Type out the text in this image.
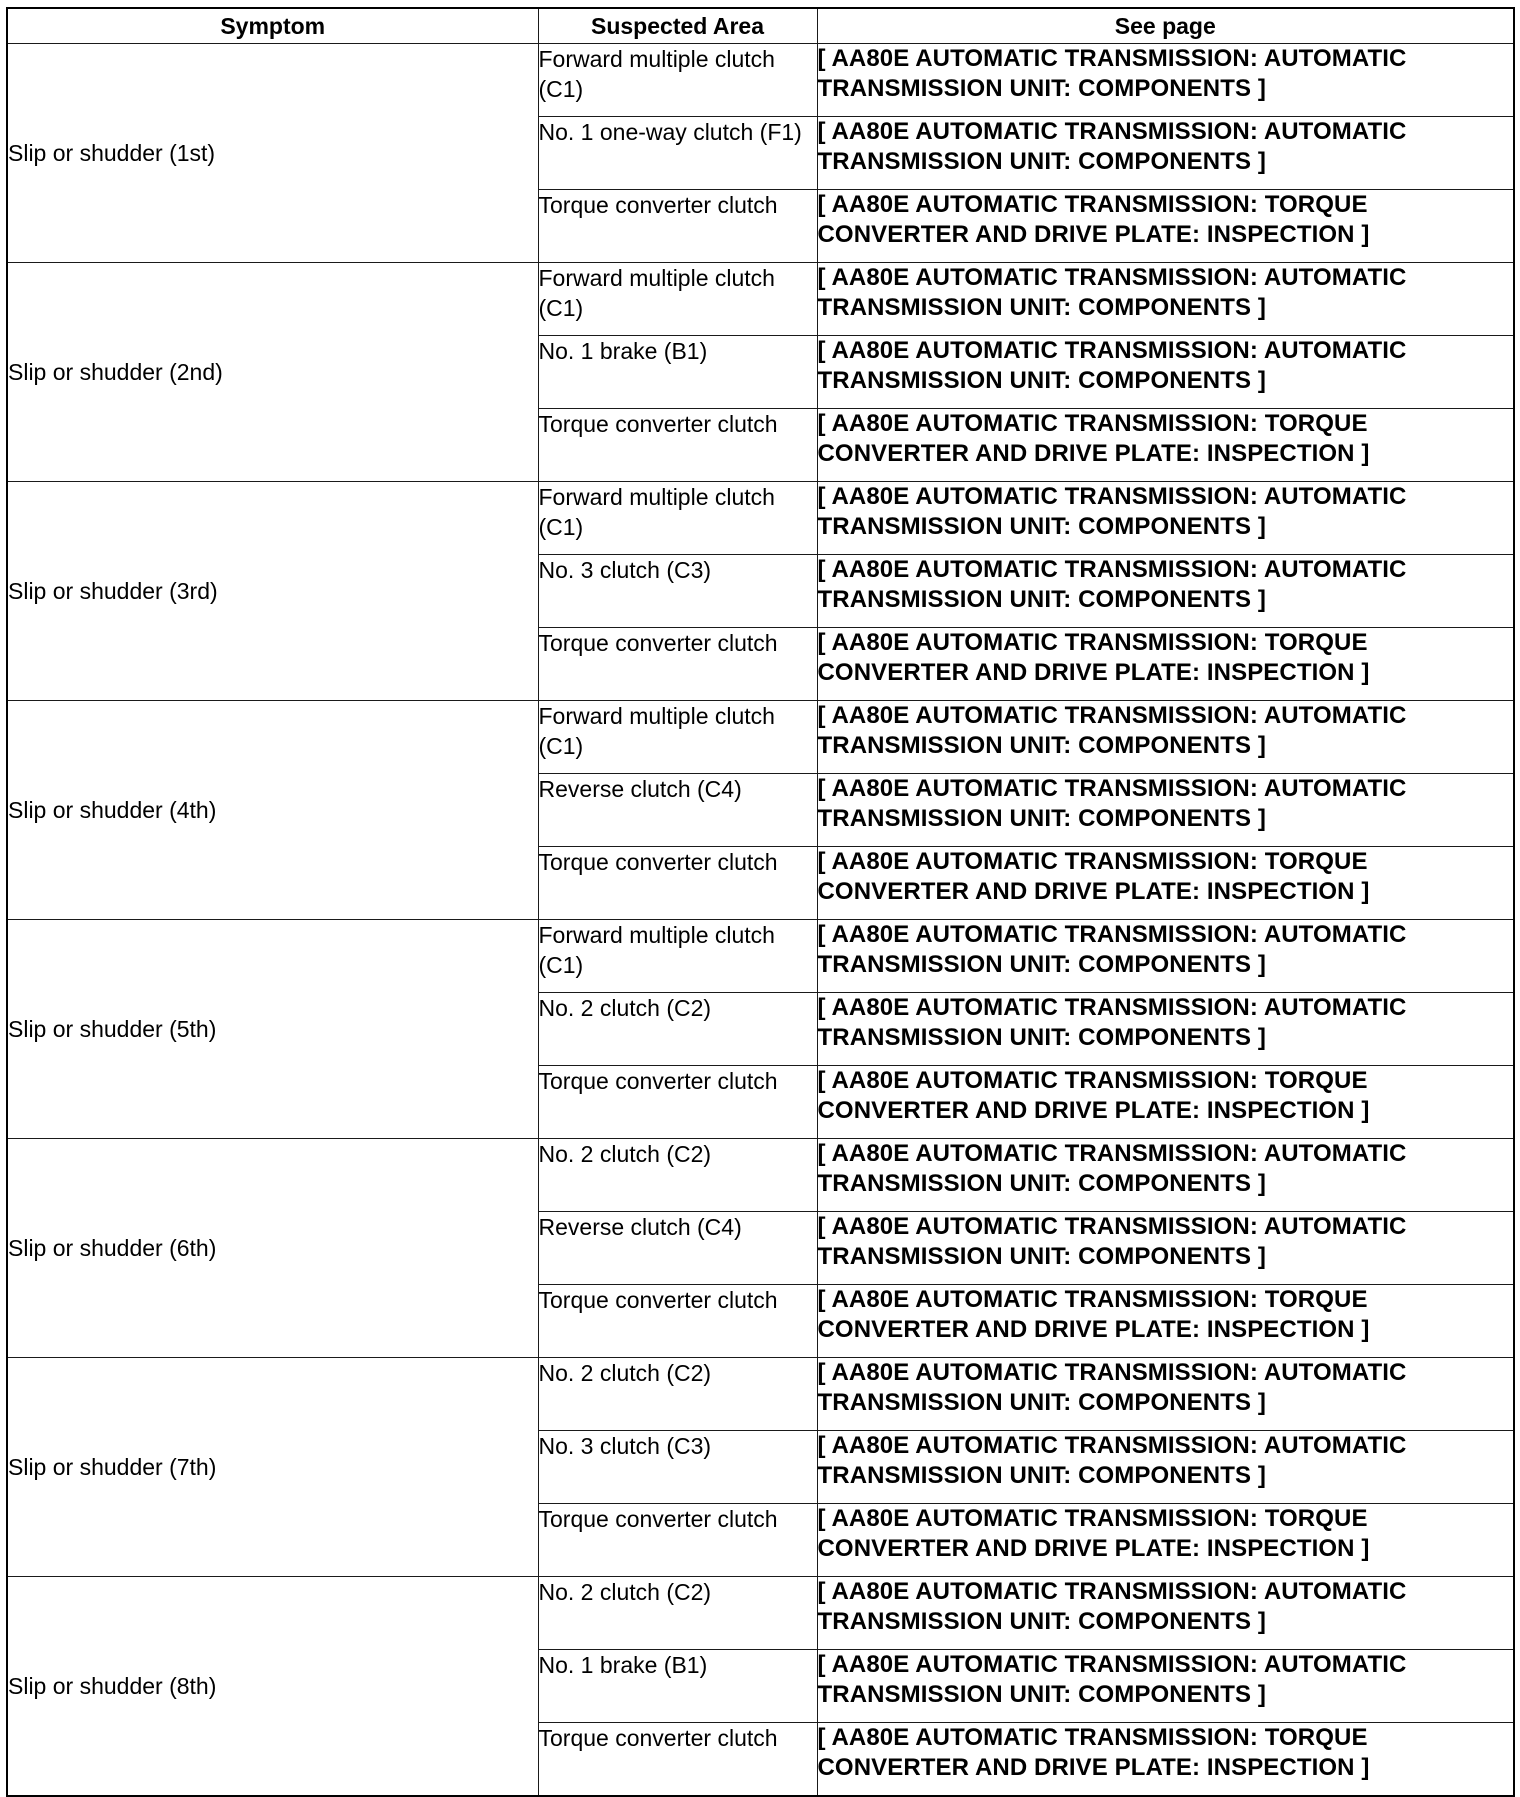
Symptom	Suspected Area	See page
Slip or shudder (1st)	Forward multiple clutch (C1)	[ AA80E AUTOMATIC TRANSMISSION: AUTOMATIC TRANSMISSION UNIT: COMPONENTS ]
	No. 1 one-way clutch (F1)	[ AA80E AUTOMATIC TRANSMISSION: AUTOMATIC TRANSMISSION UNIT: COMPONENTS ]
	Torque converter clutch	[ AA80E AUTOMATIC TRANSMISSION: TORQUE CONVERTER AND DRIVE PLATE: INSPECTION ]
Slip or shudder (2nd)	Forward multiple clutch (C1)	[ AA80E AUTOMATIC TRANSMISSION: AUTOMATIC TRANSMISSION UNIT: COMPONENTS ]
	No. 1 brake (B1)	[ AA80E AUTOMATIC TRANSMISSION: AUTOMATIC TRANSMISSION UNIT: COMPONENTS ]
	Torque converter clutch	[ AA80E AUTOMATIC TRANSMISSION: TORQUE CONVERTER AND DRIVE PLATE: INSPECTION ]
Slip or shudder (3rd)	Forward multiple clutch (C1)	[ AA80E AUTOMATIC TRANSMISSION: AUTOMATIC TRANSMISSION UNIT: COMPONENTS ]
	No. 3 clutch (C3)	[ AA80E AUTOMATIC TRANSMISSION: AUTOMATIC TRANSMISSION UNIT: COMPONENTS ]
	Torque converter clutch	[ AA80E AUTOMATIC TRANSMISSION: TORQUE CONVERTER AND DRIVE PLATE: INSPECTION ]
Slip or shudder (4th)	Forward multiple clutch (C1)	[ AA80E AUTOMATIC TRANSMISSION: AUTOMATIC TRANSMISSION UNIT: COMPONENTS ]
	Reverse clutch (C4)	[ AA80E AUTOMATIC TRANSMISSION: AUTOMATIC TRANSMISSION UNIT: COMPONENTS ]
	Torque converter clutch	[ AA80E AUTOMATIC TRANSMISSION: TORQUE CONVERTER AND DRIVE PLATE: INSPECTION ]
Slip or shudder (5th)	Forward multiple clutch (C1)	[ AA80E AUTOMATIC TRANSMISSION: AUTOMATIC TRANSMISSION UNIT: COMPONENTS ]
	No. 2 clutch (C2)	[ AA80E AUTOMATIC TRANSMISSION: AUTOMATIC TRANSMISSION UNIT: COMPONENTS ]
	Torque converter clutch	[ AA80E AUTOMATIC TRANSMISSION: TORQUE CONVERTER AND DRIVE PLATE: INSPECTION ]
Slip or shudder (6th)	No. 2 clutch (C2)	[ AA80E AUTOMATIC TRANSMISSION: AUTOMATIC TRANSMISSION UNIT: COMPONENTS ]
	Reverse clutch (C4)	[ AA80E AUTOMATIC TRANSMISSION: AUTOMATIC TRANSMISSION UNIT: COMPONENTS ]
	Torque converter clutch	[ AA80E AUTOMATIC TRANSMISSION: TORQUE CONVERTER AND DRIVE PLATE: INSPECTION ]
Slip or shudder (7th)	No. 2 clutch (C2)	[ AA80E AUTOMATIC TRANSMISSION: AUTOMATIC TRANSMISSION UNIT: COMPONENTS ]
	No. 3 clutch (C3)	[ AA80E AUTOMATIC TRANSMISSION: AUTOMATIC TRANSMISSION UNIT: COMPONENTS ]
	Torque converter clutch	[ AA80E AUTOMATIC TRANSMISSION: TORQUE CONVERTER AND DRIVE PLATE: INSPECTION ]
Slip or shudder (8th)	No. 2 clutch (C2)	[ AA80E AUTOMATIC TRANSMISSION: AUTOMATIC TRANSMISSION UNIT: COMPONENTS ]
	No. 1 brake (B1)	[ AA80E AUTOMATIC TRANSMISSION: AUTOMATIC TRANSMISSION UNIT: COMPONENTS ]
	Torque converter clutch	[ AA80E AUTOMATIC TRANSMISSION: TORQUE CONVERTER AND DRIVE PLATE: INSPECTION ]
